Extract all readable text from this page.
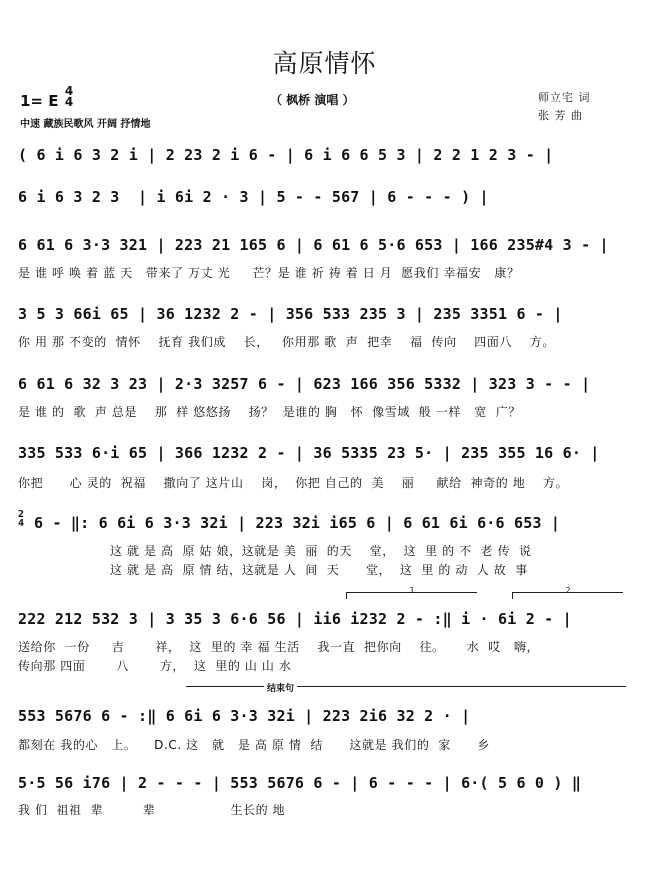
高原情怀
1= E
4
4	（ 枫桥 演唱 ）
中速 藏族民歌风 开阔 抒情地
师立宅 词
张 芳 曲
( 6 i 6 3 2 i | 2 23 2 i 6 - | 6 i 6 6 5 3 | 2 2 1 2 3 - |
6 i 6 3 2 3  | i 6i 2 · 3 | 5 - - 567 | 6 - - - ) |
6 61 6 3·3 321 | 223 21 165 6 | 6 61 6 5·6 653 | 166 235#4 3 - |
是 谁 呼 唤 着 蓝 天   带来了 万丈 光     芒？是 谁 祈 祷 着 日 月  愿我们 幸福安   康？
3 5 3 66i 65 | 36 1232 2 - | 356 533 235 3 | 235 3351 6 - |
你 用 那 不变的  情怀    抚育 我们成    长，   你用那 歌  声  把幸    福  传向    四面八    方。
6 61 6 32 3 23 | 2·3 3257 6 - | 623 166 356 5332 | 323 3 - - |
是 谁 的  歌  声 总是    那  样 悠悠扬    扬？  是谁的 胸   怀  像雪域  般 一样   宽  广？
335 533 6·i 65 | 366 1232 2 - | 36 5335 23 5· | 235 355 16 6· |
你把      心 灵的  祝福    撒向了 这片山    岗，  你把 自己的  美    丽     献给  神奇的 地    方。
2
4 6 - ‖: 6 6i 6 3·3 32i | 223 32i i65 6 | 6 61 6i 6·6 653 |
这 就 是 高  原 姑 娘，这就是 美  丽  的天    堂，  这  里 的 不  老 传  说
这 就 是 高  原 情 结，这就是 人  间  天      堂，  这  里 的 动  人 故  事
1	2
222 212 532 3 | 3 35 3 6·6 56 | ii6 i232 2 - :‖ i · 6i 2 - |
送给你  一份     吉       祥，  这  里的 幸 福 生活    我一直  把你向    往。     水  哎   嗨，
传向那 四面       八       方，  这  里的 山 山 水
结束句
553 5676 6 - :‖ 6 6i 6 3·3 32i | 223 2i6 32 2 · |
都刻在 我的心   上。    D.C. 这   就   是 高 原 情  结      这就是 我们的  家      乡
5·5 56 i76 | 2 - - - | 553 5676 6 - | 6 - - - | 6·( 5 6 0 ) ‖
我 们  祖祖  辈         辈                 生长的 地
